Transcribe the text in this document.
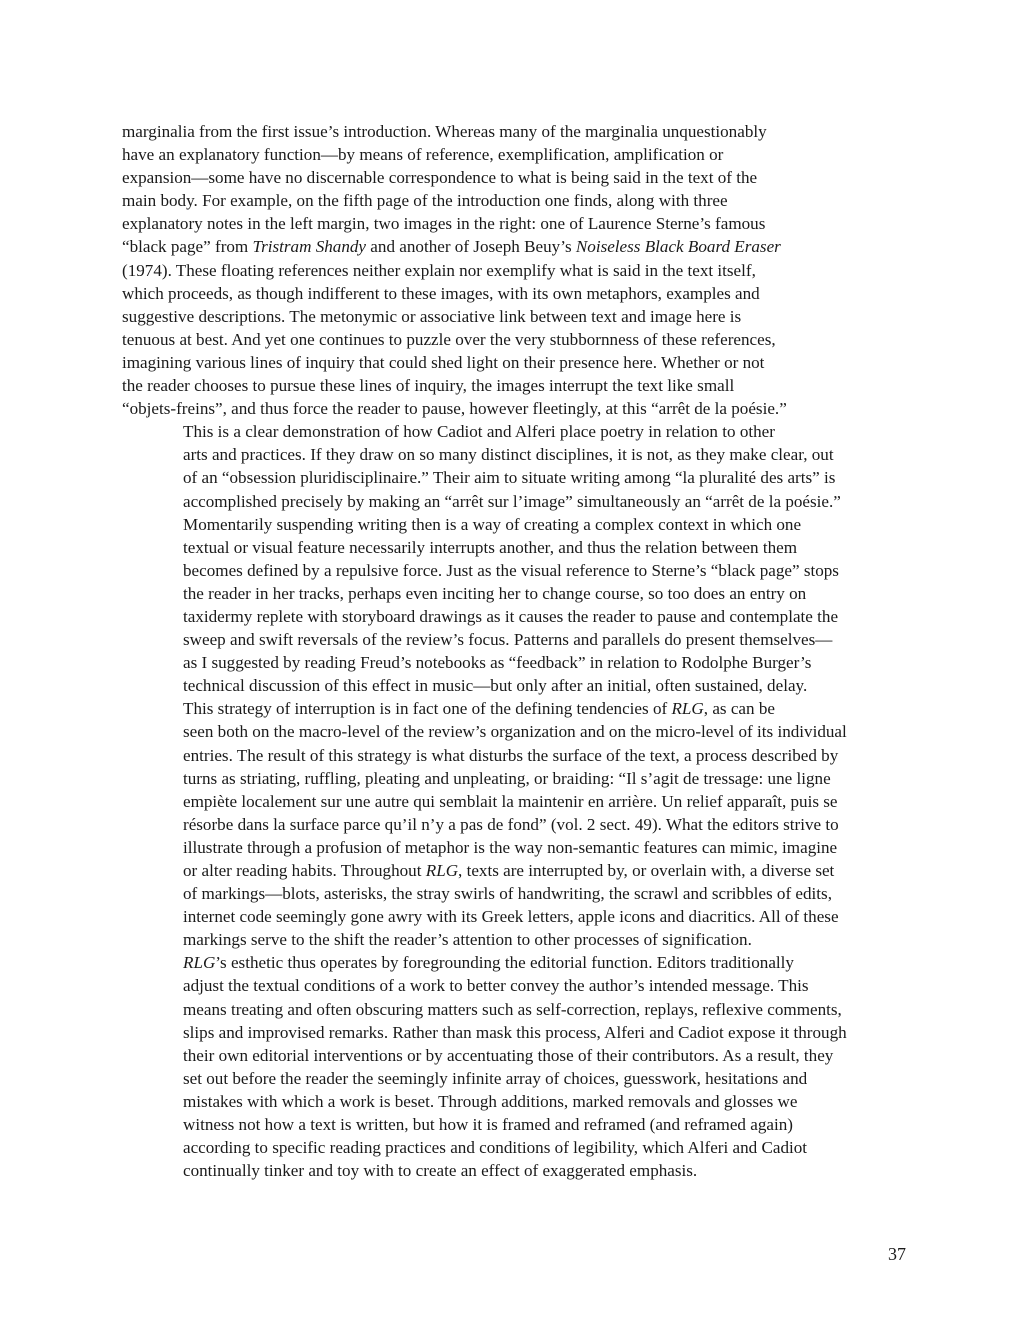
marginalia from the first issue’s introduction. Whereas many of the marginalia unquestionably
have an explanatory function—by means of reference, exemplification, amplification or
expansion—some have no discernable correspondence to what is being said in the text of the
main body. For example, on the fifth page of the introduction one finds, along with three
explanatory notes in the left margin, two images in the right: one of Laurence Sterne’s famous
“black page” from Tristram Shandy and another of Joseph Beuy’s Noiseless Black Board Eraser
(1974). These floating references neither explain nor exemplify what is said in the text itself,
which proceeds, as though indifferent to these images, with its own metaphors, examples and
suggestive descriptions. The metonymic or associative link between text and image here is
tenuous at best. And yet one continues to puzzle over the very stubbornness of these references,
imagining various lines of inquiry that could shed light on their presence here. Whether or not
the reader chooses to pursue these lines of inquiry, the images interrupt the text like small
“objets-freins”, and thus force the reader to pause, however fleetingly, at this “arrêt de la poésie.”

This is a clear demonstration of how Cadiot and Alferi place poetry in relation to other
arts and practices. If they draw on so many distinct disciplines, it is not, as they make clear, out
of an “obsession pluridisciplinaire.” Their aim to situate writing among “la pluralité des arts” is
accomplished precisely by making an “arrêt sur l’image” simultaneously an “arrêt de la poésie.”
Momentarily suspending writing then is a way of creating a complex context in which one
textual or visual feature necessarily interrupts another, and thus the relation between them
becomes defined by a repulsive force. Just as the visual reference to Sterne’s “black page” stops
the reader in her tracks, perhaps even inciting her to change course, so too does an entry on
taxidermy replete with storyboard drawings as it causes the reader to pause and contemplate the
sweep and swift reversals of the review’s focus. Patterns and parallels do present themselves—
as I suggested by reading Freud’s notebooks as “feedback” in relation to Rodolphe Burger’s
technical discussion of this effect in music—but only after an initial, often sustained, delay.

This strategy of interruption is in fact one of the defining tendencies of RLG, as can be
seen both on the macro-level of the review’s organization and on the micro-level of its individual
entries. The result of this strategy is what disturbs the surface of the text, a process described by
turns as striating, ruffling, pleating and unpleating, or braiding: “Il s’agit de tressage: une ligne
empiète localement sur une autre qui semblait la maintenir en arrière. Un relief apparaît, puis se
résorbe dans la surface parce qu’il n’y a pas de fond” (vol. 2 sect. 49). What the editors strive to
illustrate through a profusion of metaphor is the way non-semantic features can mimic, imagine
or alter reading habits. Throughout RLG, texts are interrupted by, or overlain with, a diverse set
of markings—blots, asterisks, the stray swirls of handwriting, the scrawl and scribbles of edits,
internet code seemingly gone awry with its Greek letters, apple icons and diacritics. All of these
markings serve to the shift the reader’s attention to other processes of signification.

RLG’s esthetic thus operates by foregrounding the editorial function. Editors traditionally
adjust the textual conditions of a work to better convey the author’s intended message. This
means treating and often obscuring matters such as self-correction, replays, reflexive comments,
slips and improvised remarks. Rather than mask this process, Alferi and Cadiot expose it through
their own editorial interventions or by accentuating those of their contributors. As a result, they
set out before the reader the seemingly infinite array of choices, guesswork, hesitations and
mistakes with which a work is beset. Through additions, marked removals and glosses we
witness not how a text is written, but how it is framed and reframed (and reframed again)
according to specific reading practices and conditions of legibility, which Alferi and Cadiot
continually tinker and toy with to create an effect of exaggerated emphasis.

37
